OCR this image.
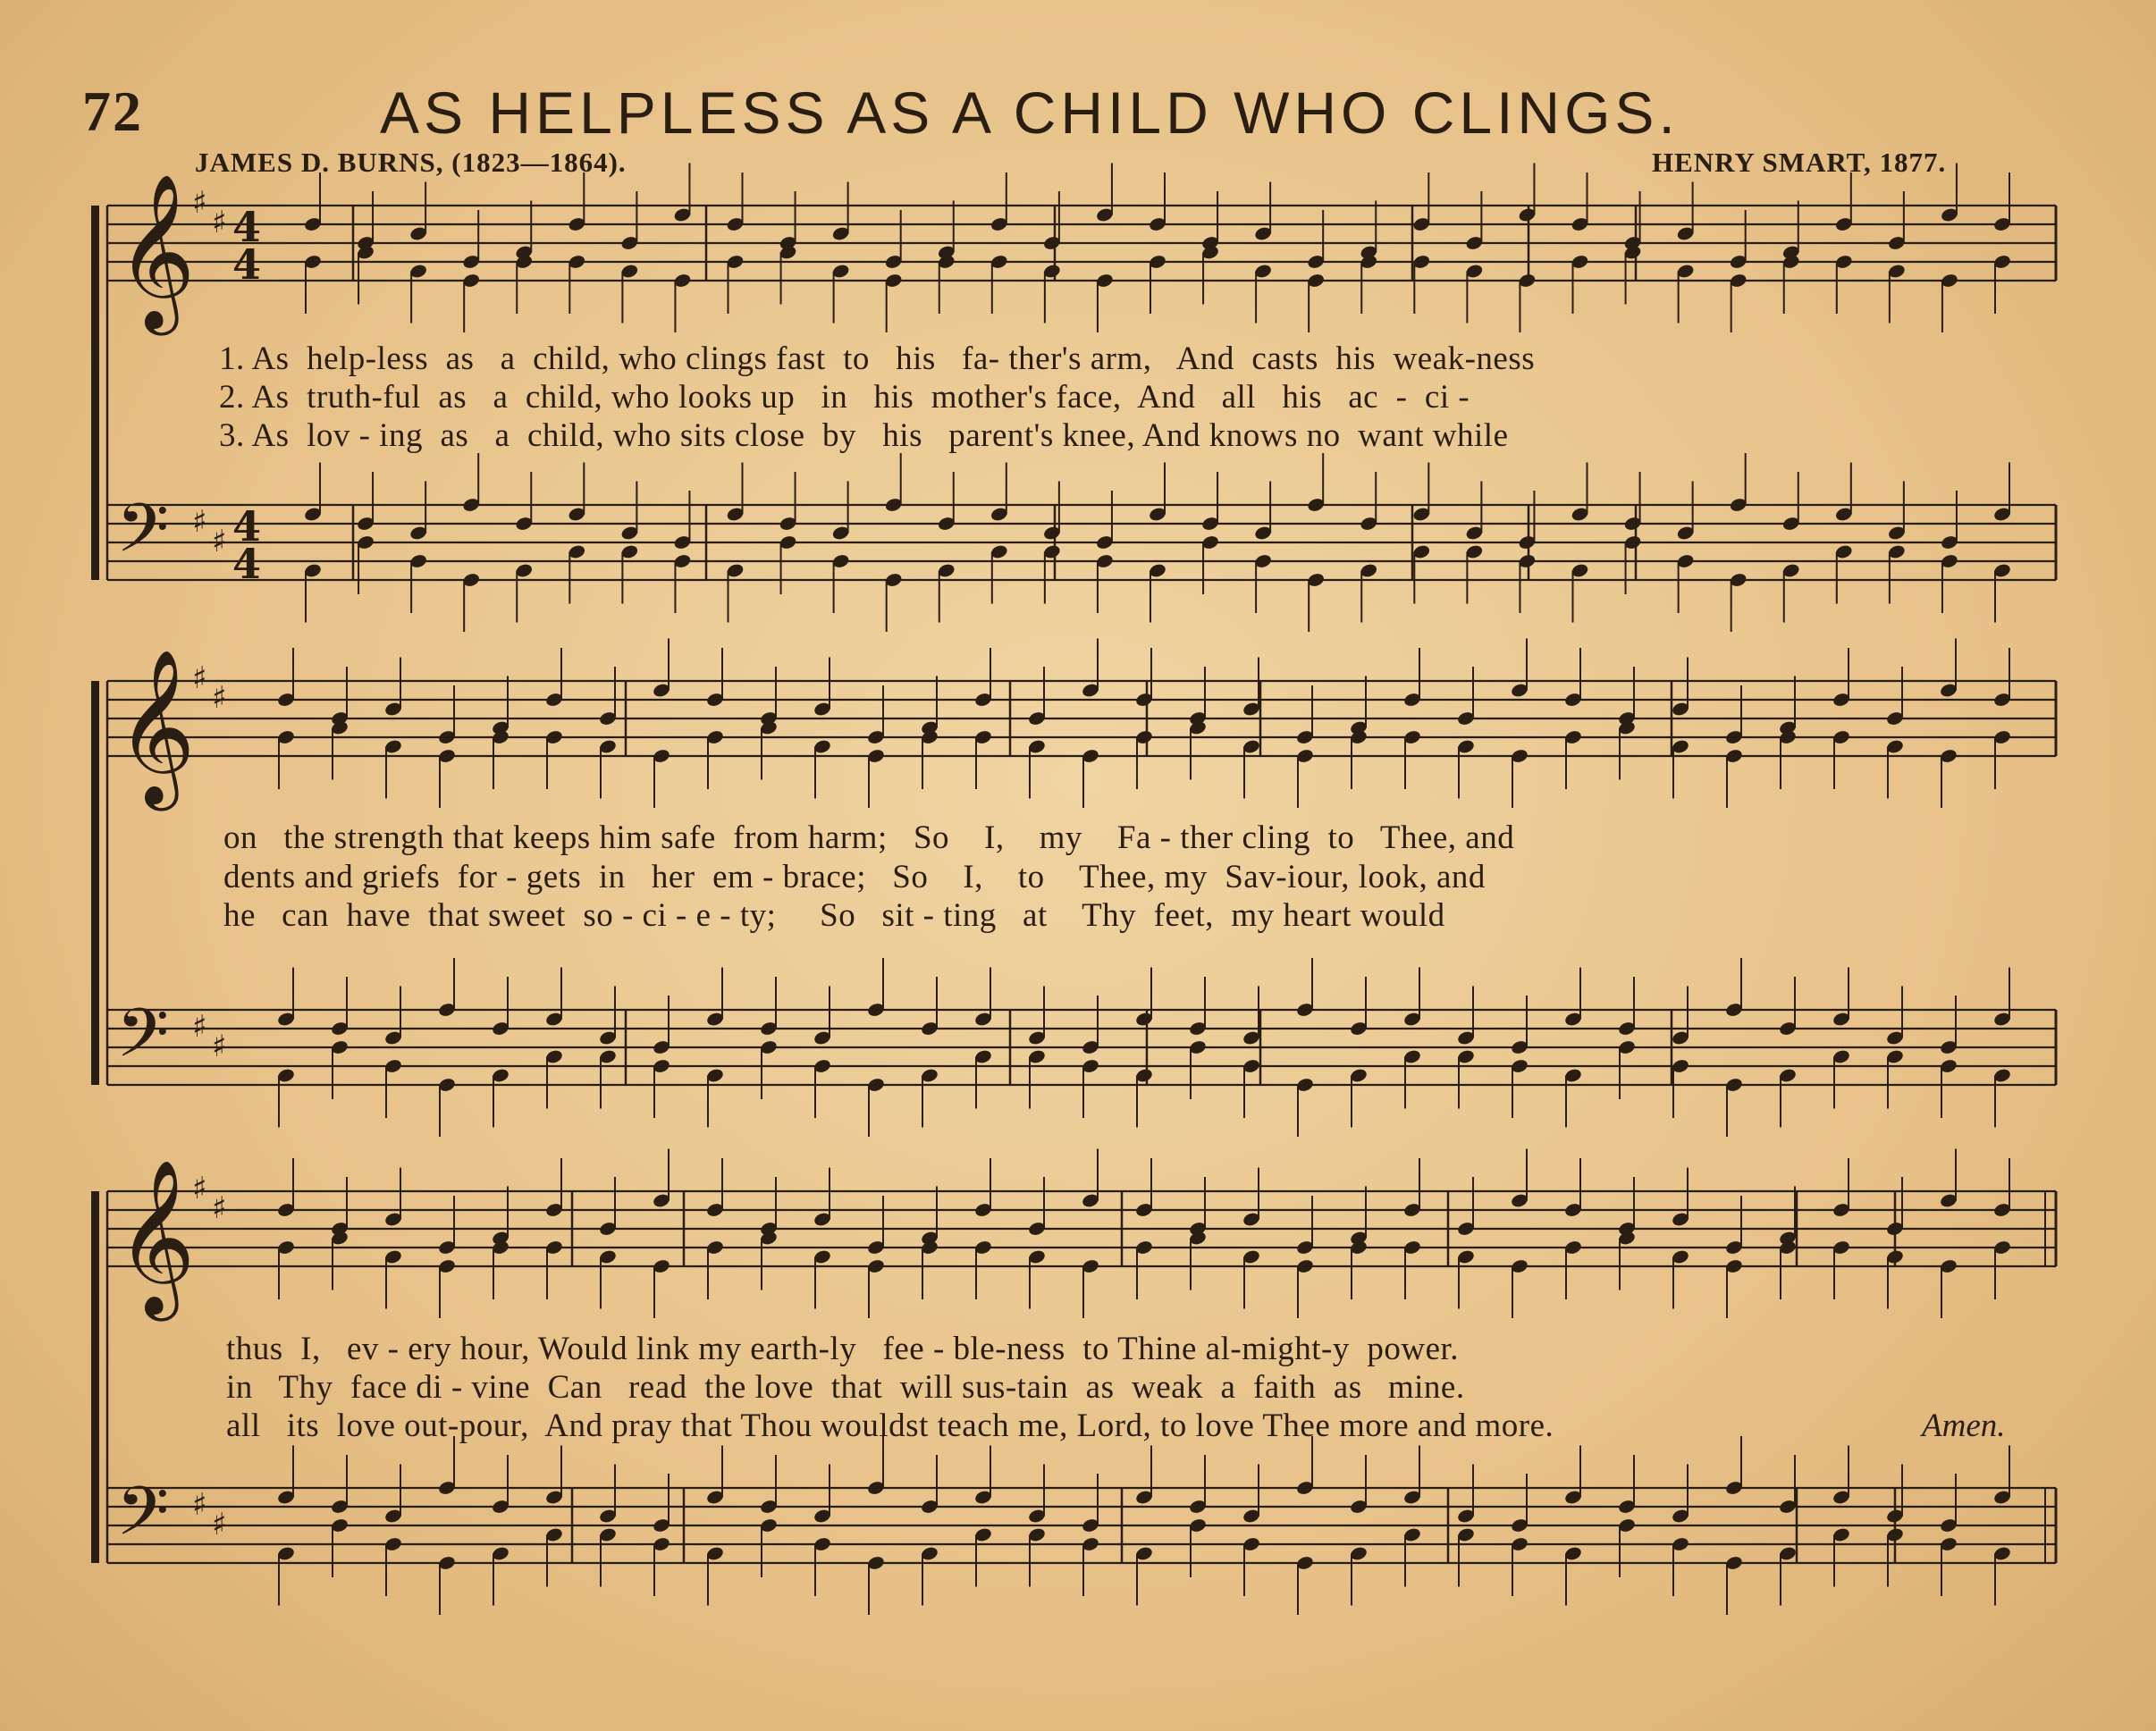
72	AS HELPLESS AS A CHILD WHO CLINGS.
JAMES D. BURNS, (1823—1864).	HENRY SMART, 1877.
𝄞
♯
♯ 4
4
𝄢 ♯
♯ 4
4
𝄞
♯
♯
𝄢 ♯
♯
𝄞
♯
♯
𝄢 ♯
♯
1. As  help-less  as   a  child, who clings fast  to   his   fa- ther's arm,   And  casts  his  weak-ness
2. As  truth-ful  as   a  child, who looks up   in   his  mother's face,  And   all   his   ac  -  ci -
3. As  lov - ing  as   a  child, who sits close  by   his   parent's knee, And knows no  want while
on   the strength that keeps him safe  from harm;   So    I,    my    Fa - ther cling  to   Thee, and
dents and griefs  for - gets  in   her  em - brace;   So    I,    to    Thee, my  Sav-iour, look, and
he   can  have  that sweet  so - ci - e - ty;     So   sit - ting   at    Thy  feet,  my heart would
thus  I,   ev - ery hour, Would link my earth-ly   fee - ble-ness  to Thine al-might-y  power.
in   Thy  face di - vine  Can   read  the love  that  will sus-tain  as  weak  a  faith  as   mine.
all   its  love out-pour,  And pray that Thou wouldst teach me, Lord, to love Thee more and more.	Amen.
